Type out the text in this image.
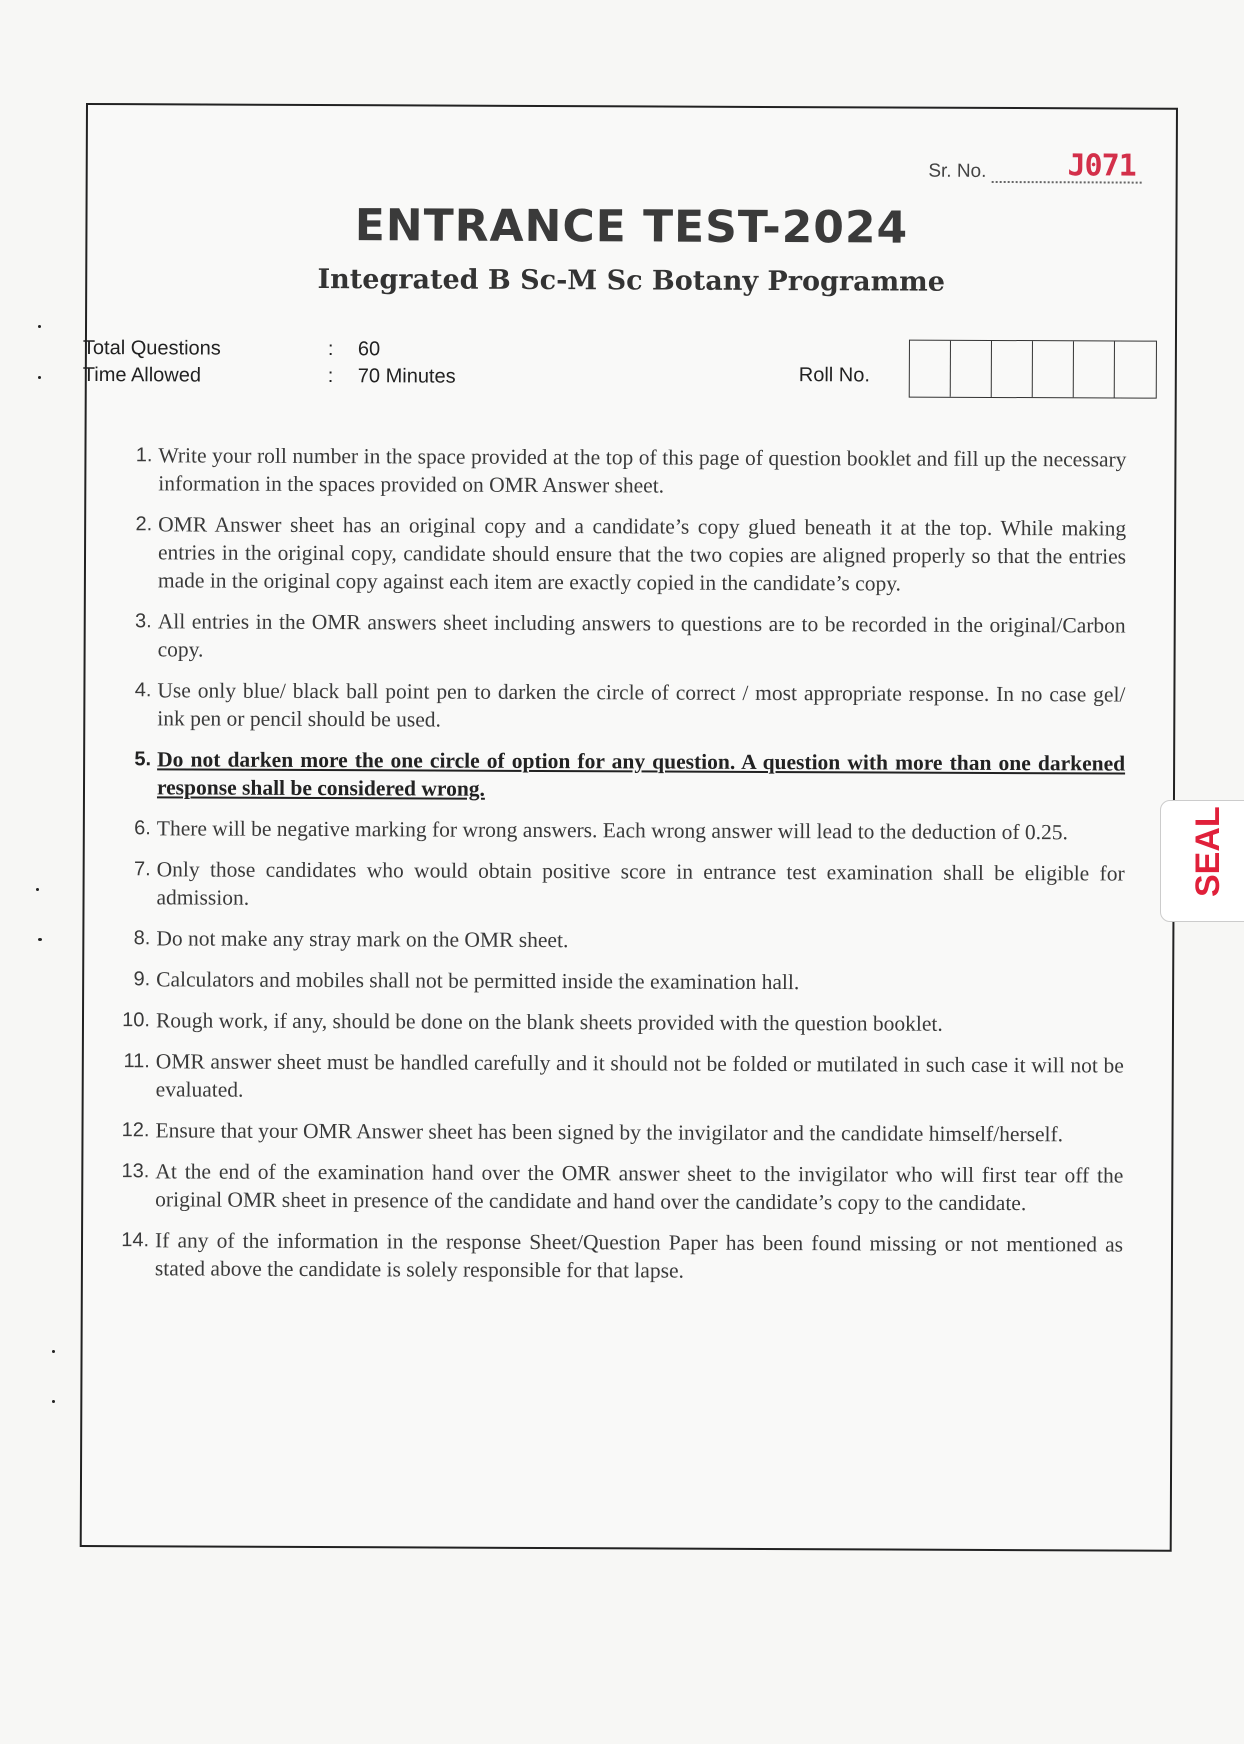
Sr. No.	J071
ENTRANCE TEST-2024
Integrated B Sc-M Sc Botany Programme
Total Questions	:	60
Time Allowed	:	70 Minutes	Roll No.
1. Write your roll number in the space provided at the top of this page of question booklet and fill up the necessary information in the spaces provided on OMR Answer sheet.
2. OMR Answer sheet has an original copy and a candidate’s copy glued beneath it at the top. While making entries in the original copy, candidate should ensure that the two copies are aligned properly so that the entries made in the original copy against each item are exactly copied in the candidate’s copy.
3. All entries in the OMR answers sheet including answers to questions are to be recorded in the original/Carbon copy.
4. Use only blue/ black ball point pen to darken the circle of correct / most appropriate response. In no case gel/ ink pen or pencil should be used.
5. Do not darken more the one circle of option for any question. A question with more than one darkened response shall be considered wrong.
6. There will be negative marking for wrong answers. Each wrong answer will lead to the deduction of 0.25.
7. Only those candidates who would obtain positive score in entrance test examination shall be eligible for admission.
8. Do not make any stray mark on the OMR sheet.
9. Calculators and mobiles shall not be permitted inside the examination hall.
10. Rough work, if any, should be done on the blank sheets provided with the question booklet.
11. OMR answer sheet must be handled carefully and it should not be folded or mutilated in such case it will not be evaluated.
12. Ensure that your OMR Answer sheet has been signed by the invigilator and the candidate himself/herself.
13. At the end of the examination hand over the OMR answer sheet to the invigilator who will first tear off the original OMR sheet in presence of the candidate and hand over the candidate’s copy to the candidate.
14. If any of the information in the response Sheet/Question Paper has been found missing or not mentioned as stated above the candidate is solely responsible for that lapse.
SEAL
